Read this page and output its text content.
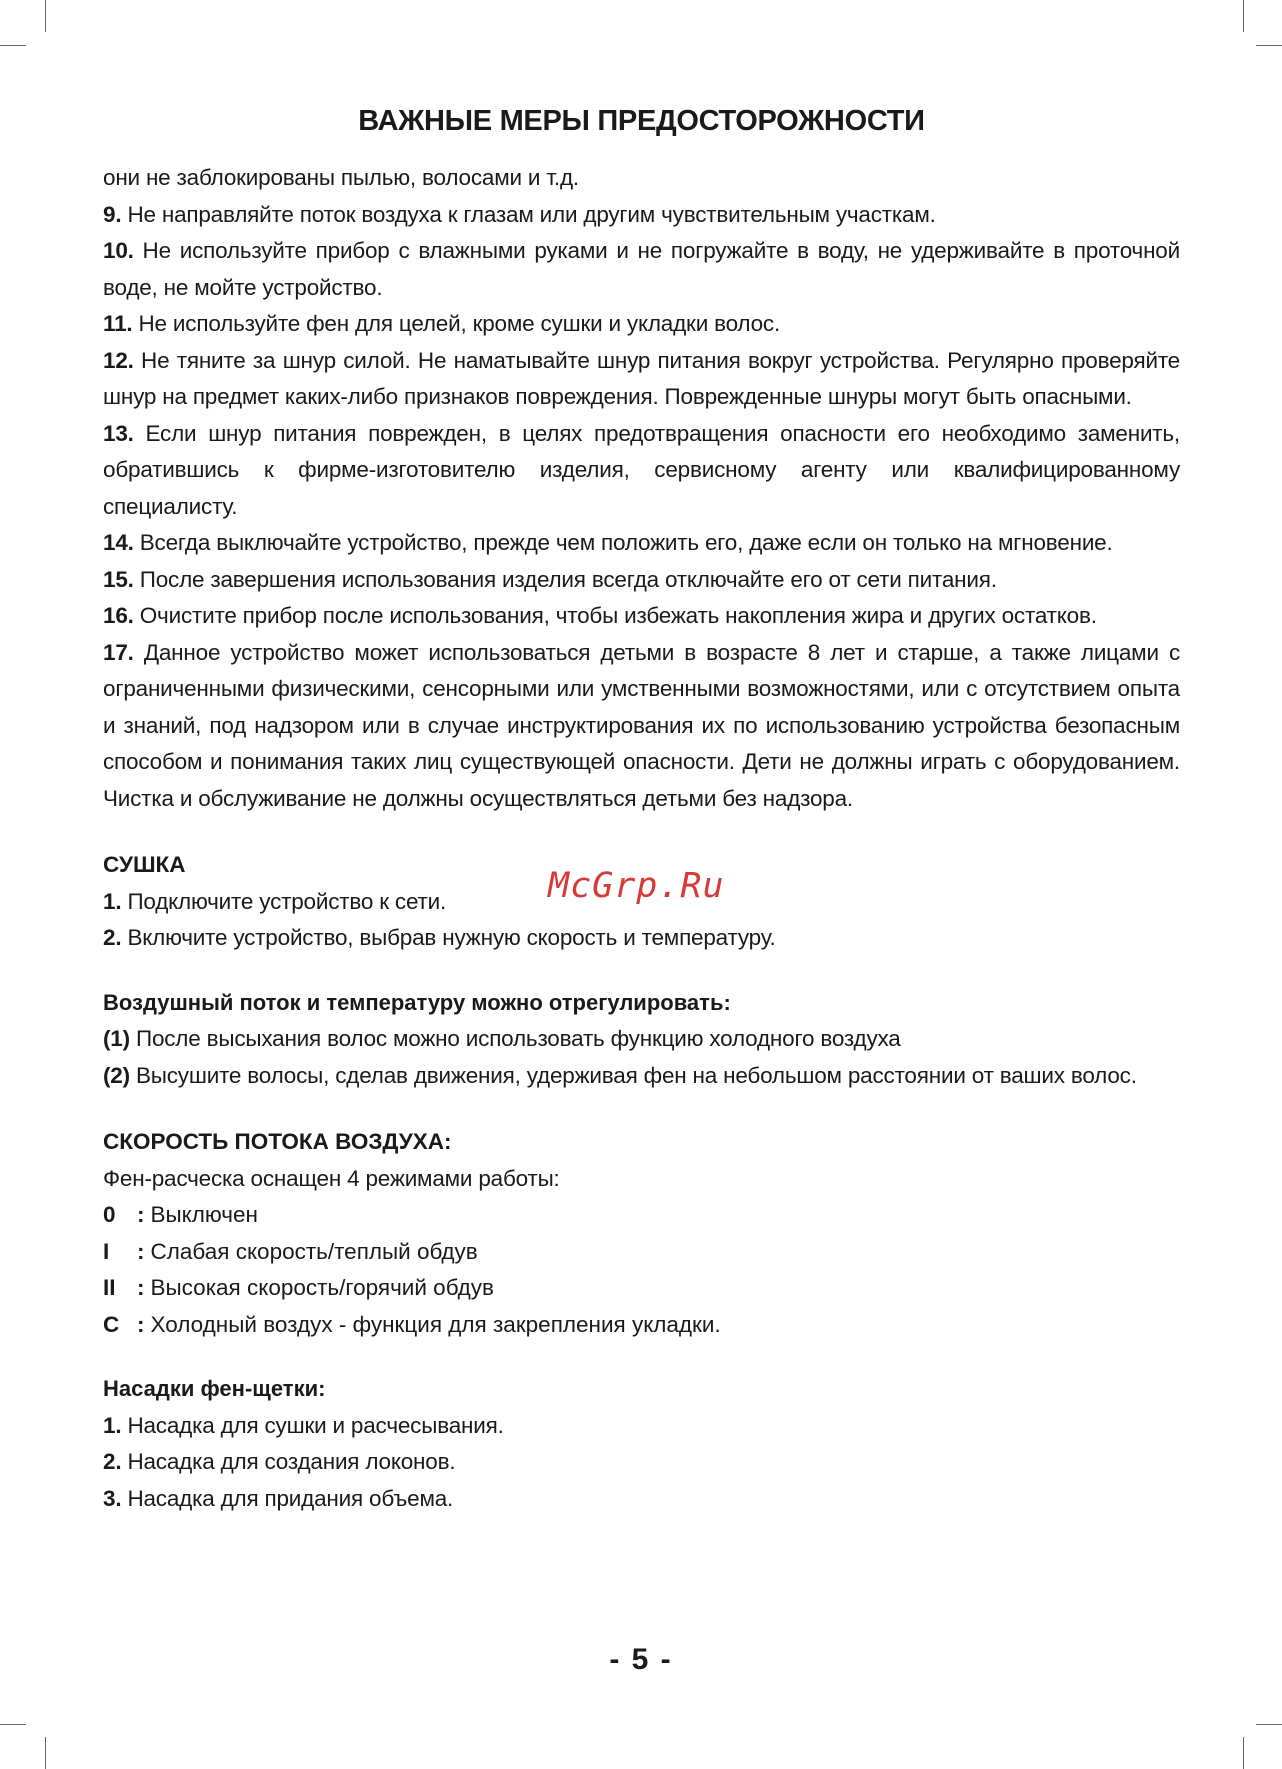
ВАЖНЫЕ МЕРЫ ПРЕДОСТОРОЖНОСТИ

они не заблокированы пылью, волосами и т.д.

9. Не направляйте поток воздуха к глазам или другим чувствительным участкам.

10. Не используйте прибор с влажными руками и не погружайте в воду, не удерживайте в проточной воде, не мойте устройство.

11. Не используйте фен для целей, кроме сушки и укладки волос.

12. Не тяните за шнур силой. Не наматывайте шнур питания вокруг устройства. Регулярно проверяйте шнур на предмет каких-либо признаков повреждения. Поврежденные шнуры могут быть опасными.

13. Если шнур питания поврежден, в целях предотвращения опасности его необходимо заменить, обратившись к фирме-изготовителю изделия, сервисному агенту или квалифицированному специалисту.

14. Всегда выключайте устройство, прежде чем положить его, даже если он только на мгновение.

15. После завершения использования изделия всегда отключайте его от сети питания.

16. Очистите прибор после использования, чтобы избежать накопления жира и других остатков.

17. Данное устройство может использоваться детьми в возрасте 8 лет и старше, а также лицами с ограниченными физическими, сенсорными или умственными возможностями, или с отсутствием опыта и знаний, под надзором или в случае инструктирования их по использованию устройства безопасным способом и понимания таких лиц существующей опасности. Дети не должны играть с оборудованием. Чистка и обслуживание не должны осуществляться детьми без надзора.

СУШКА

1. Подключите устройство к сети.

2. Включите устройство, выбрав нужную скорость и температуру.

Воздушный поток и температуру можно отрегулировать:

(1) После высыхания волос можно использовать функцию холодного воздуха

(2) Высушите волосы, сделав движения, удерживая фен на небольшом расстоянии от ваших волос.

СКОРОСТЬ ПОТОКА ВОЗДУХА:

Фен-расческа оснащен 4 режимами работы:

0 : Выключен
I	: Слабая скорость/теплый обдув
II : Высокая скорость/горячий обдув
C : Холодный воздух - функция для закрепления укладки.
Насадки фен-щетки:

1. Насадка для сушки и расчесывания.

2. Насадка для создания локонов.

3. Насадка для придания объема.

McGrp.Ru
- 5 -
